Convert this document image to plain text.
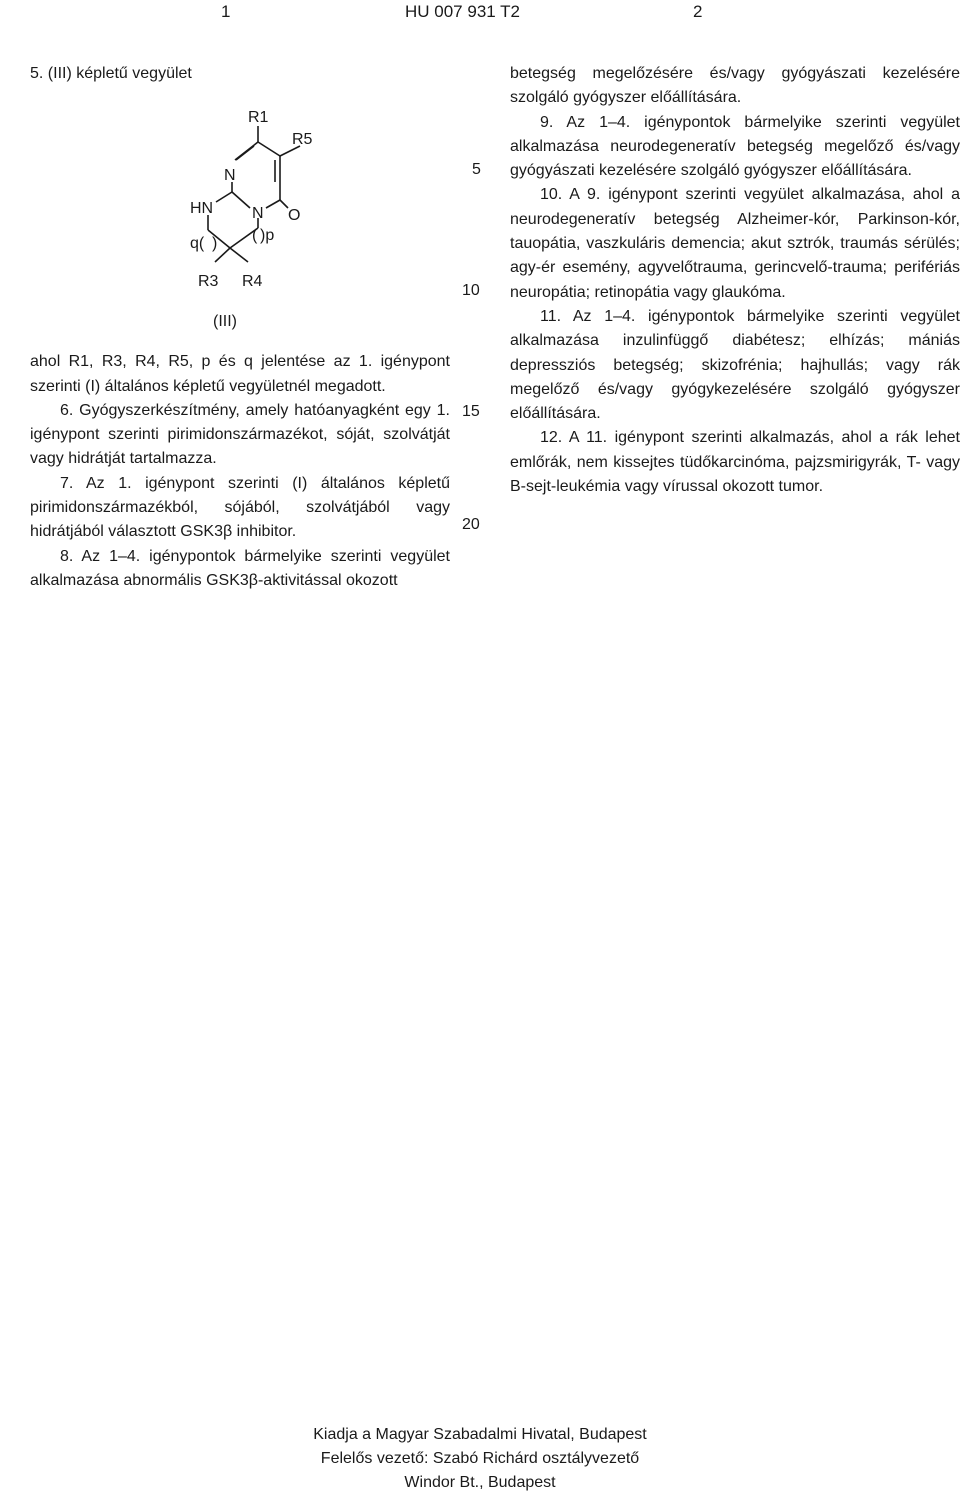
1	HU 007 931 T2	2

5. (III) képletű vegyület

R1
R5
N
HN N O
q( ) ( )p
R3 R4
(III)

ahol R1, R3, R4, R5, p és q jelentése az 1. igénypont szerinti (I) általános képletű vegyületnél megadott.

6. Gyógyszerkészítmény, amely hatóanyagként egy 1. igénypont szerinti pirimidonszármazékot, sóját, szolvátját vagy hidrátját tartalmazza.

7. Az 1. igénypont szerinti (I) általános képletű pirimidonszármazékból, sójából, szolvátjából vagy hidrátjából választott GSK3β inhibitor.

8. Az 1–4. igénypontok bármelyike szerinti vegyület alkalmazása abnormális GSK3β-aktivitással okozott

5
10
15
20

betegség megelőzésére és/vagy gyógyászati kezelésére szolgáló gyógyszer előállítására.

9. Az 1–4. igénypontok bármelyike szerinti vegyület alkalmazása neurodegeneratív betegség megelőző és/vagy gyógyászati kezelésére szolgáló gyógyszer előállítására.

10. A 9. igénypont szerinti vegyület alkalmazása, ahol a neurodegeneratív betegség Alzheimer-kór, Parkinson-kór, tauopátia, vaszkuláris demencia; akut sztrók, traumás sérülés; agy-ér esemény, agyvelőtrauma, gerincvelő-trauma; perifériás neuropátia; retinopátia vagy glaukóma.

11. Az 1–4. igénypontok bármelyike szerinti vegyület alkalmazása inzulinfüggő diabétesz; elhízás; mániás depressziós betegség; skizofrénia; hajhullás; vagy rák megelőző és/vagy gyógykezelésére szolgáló gyógyszer előállítására.

12. A 11. igénypont szerinti alkalmazás, ahol a rák lehet emlőrák, nem kissejtes tüdőkarcinóma, pajzsmirigyrák, T- vagy B-sejt-leukémia vagy vírussal okozott tumor.

Kiadja a Magyar Szabadalmi Hivatal, Budapest
Felelős vezető: Szabó Richárd osztályvezető
Windor Bt., Budapest
